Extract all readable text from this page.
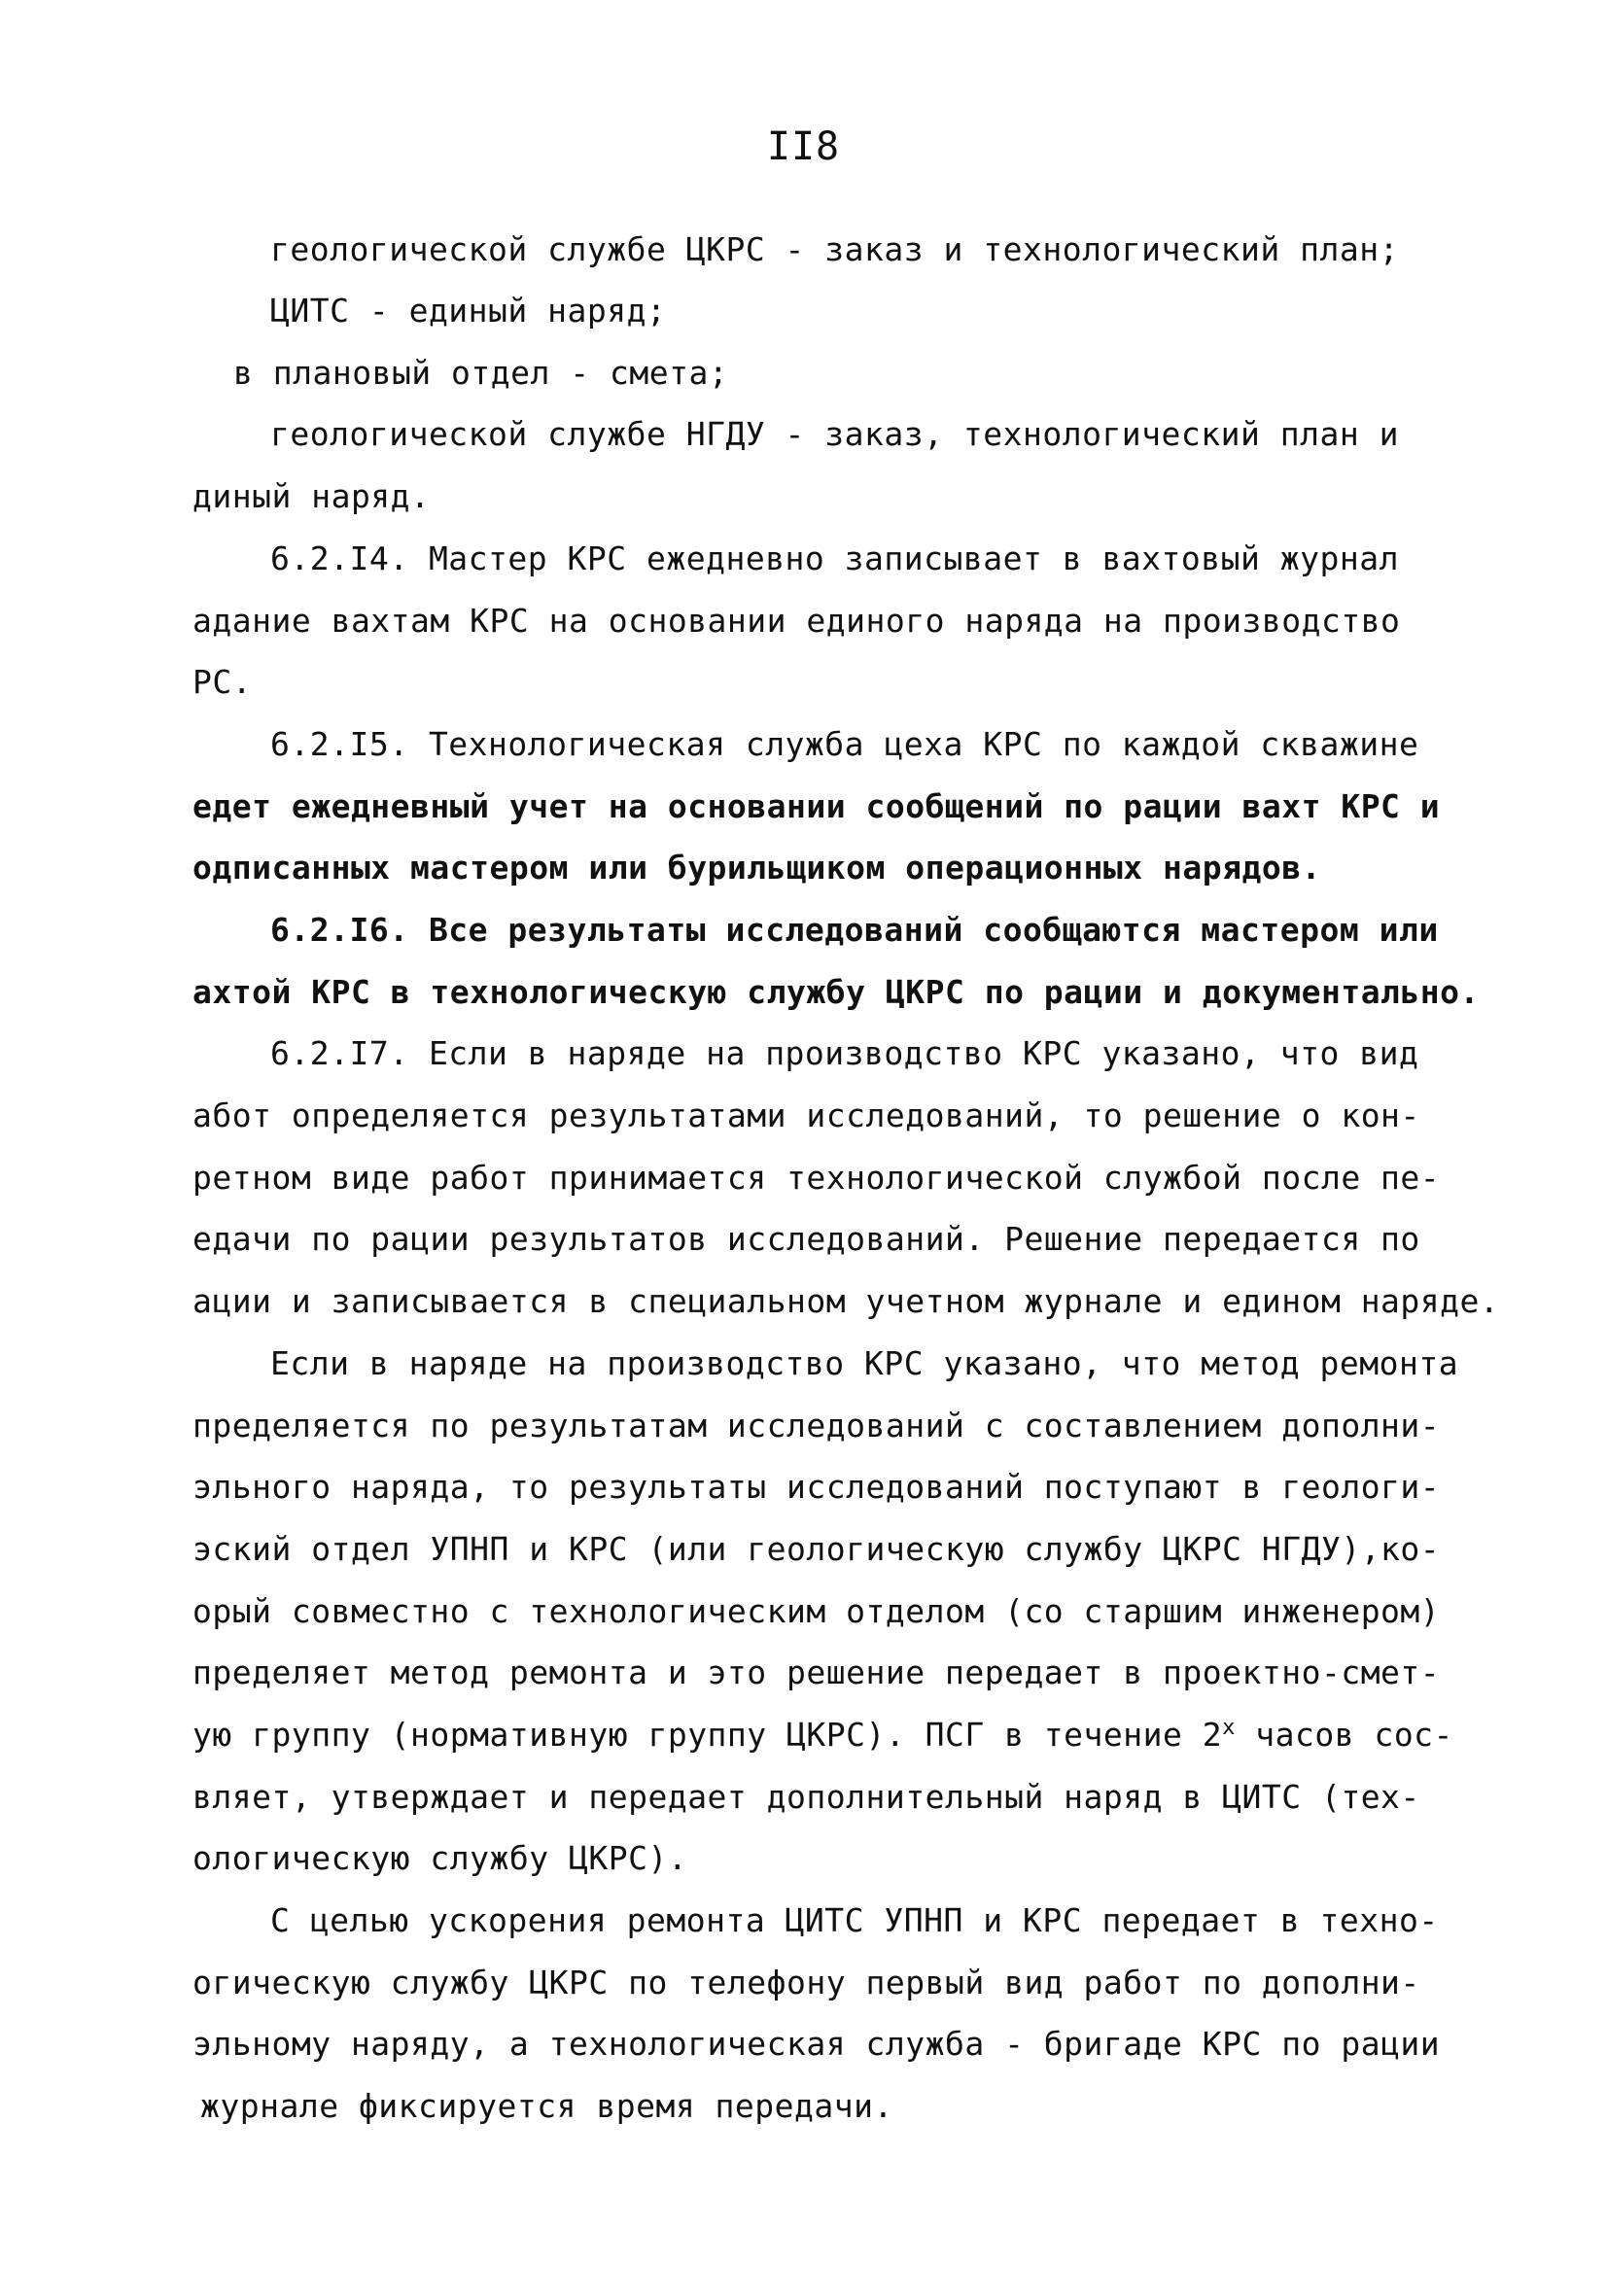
II8
геологической службе ЦКРС - заказ и технологический план;
ЦИТС - единый наряд;
в плановый отдел - смета;
геологической службе НГДУ - заказ, технологический план и
диный наряд.
6.2.I4. Мастер КРС ежедневно записывает в вахтовый журнал
адание вахтам КРС на основании единого наряда на производство
РС.
6.2.I5. Технологическая служба цеха КРС по каждой скважине
едет ежедневный учет на основании сообщений по рации вахт КРС и
одписанных мастером или бурильщиком операционных нарядов.
6.2.I6. Все результаты исследований сообщаются мастером или
ахтой КРС в технологическую службу ЦКРС по рации и документально.
6.2.I7. Если в наряде на производство КРС указано, что вид
абот определяется результатами исследований, то решение о кон-
ретном виде работ принимается технологической службой после пе-
едачи по рации результатов исследований. Решение передается по
ации и записывается в специальном учетном журнале и едином наряде.
Если в наряде на производство КРС указано, что метод ремонта
пределяется по результатам исследований с составлением дополни-
эльного наряда, то результаты исследований поступают в геологи-
эский отдел УПНП и КРС (или геологическую службу ЦКРС НГДУ),ко-
орый совместно с технологическим отделом (со старшим инженером)
пределяет метод ремонта и это решение передает в проектно-смет-
ую группу (нормативную группу ЦКРС). ПСГ в течение $2^х$ часов сос-
вляет, утверждает и передает дополнительный наряд в ЦИТС (тех-
ологическую службу ЦКРС).
С целью ускорения ремонта ЦИТС УПНП и КРС передает в техно-
огическую службу ЦКРС по телефону первый вид работ по дополни-
эльному наряду, а технологическая служба - бригаде КРС по рации
журнале фиксируется время передачи.
